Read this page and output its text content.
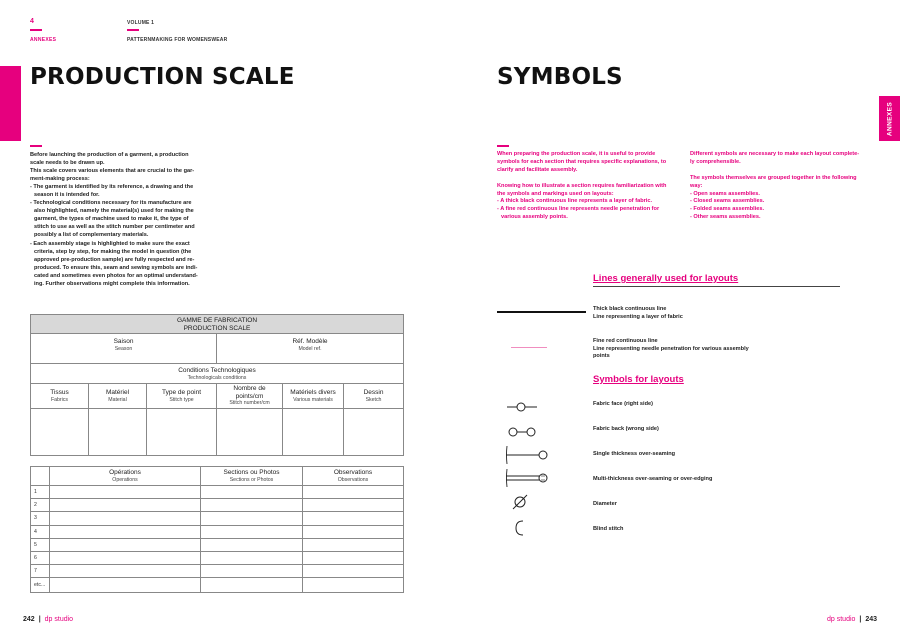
4
ANNEXES
VOLUME 1
PATTERNMAKING FOR WOMENSWEAR
ANNEXES
PRODUCTION SCALE

Before launching the production of a garment, a production

scale needs to be drawn up.

This scale covers various elements that are crucial to the gar-

ment-making process:

- The garment is identified by its reference, a drawing and the

season it is intended for.

- Technological conditions necessary for its manufacture are

also highlighted, namely the material(s) used for making the

garment, the types of machine used to make it, the type of

stitch to use as well as the stitch number per centimeter and

possibly a list of complementary materials.

- Each assembly stage is highlighted to make sure the exact

criteria, step by step, for making the model in question (the

approved pre-production sample) are fully respected and re-

produced. To ensure this, seam and sewing symbols are indi-

cated and sometimes even photos for an optimal understand-

ing. Further observations might complete this information.

GAMME DE FABRICATION
PRODUCTION SCALE
Saison
Season
Réf. Modèle
Model ref.
Conditions Technologiques
Technologicals conditions
Tissus
Fabrics
Matériel
Material
Type de point
Stitch type
Nombre de points/cm
Stitch number/cm
Matériels divers
Various materials
Dessin
Sketch
Opérations
Operations
Sections ou Photos
Sections or Photos
Observations
Observations
1
2
3
4
5
6
7
etc...
SYMBOLS

When preparing the production scale, it is useful to provide

symbols for each section that requires specific explanations, to

clarify and facilitate assembly.

Knowing how to illustrate a section requires familiarization with

the symbols and markings used on layouts:

- A thick black continuous line represents a layer of fabric.

- A fine red continuous line represents needle penetration for

various assembly points.

Different symbols are necessary to make each layout complete-

ly comprehensible.

The symbols themselves are grouped together in the following

way:

- Open seams assemblies.

- Closed seams assemblies.

- Folded seams assemblies.

- Other seams assemblies.

Lines generally used for layouts
Thick black continuous line
Line representing a layer of fabric
Fine red continuous line
Line representing needle penetration for various assembly
points
Symbols for layouts
Fabric face (right side)
Fabric back (wrong side)
Single thickness over-seaming
Multi-thickness over-seaming or over-edging
Diameter
Blind stitch
242 | dp studio	dp studio | 243
